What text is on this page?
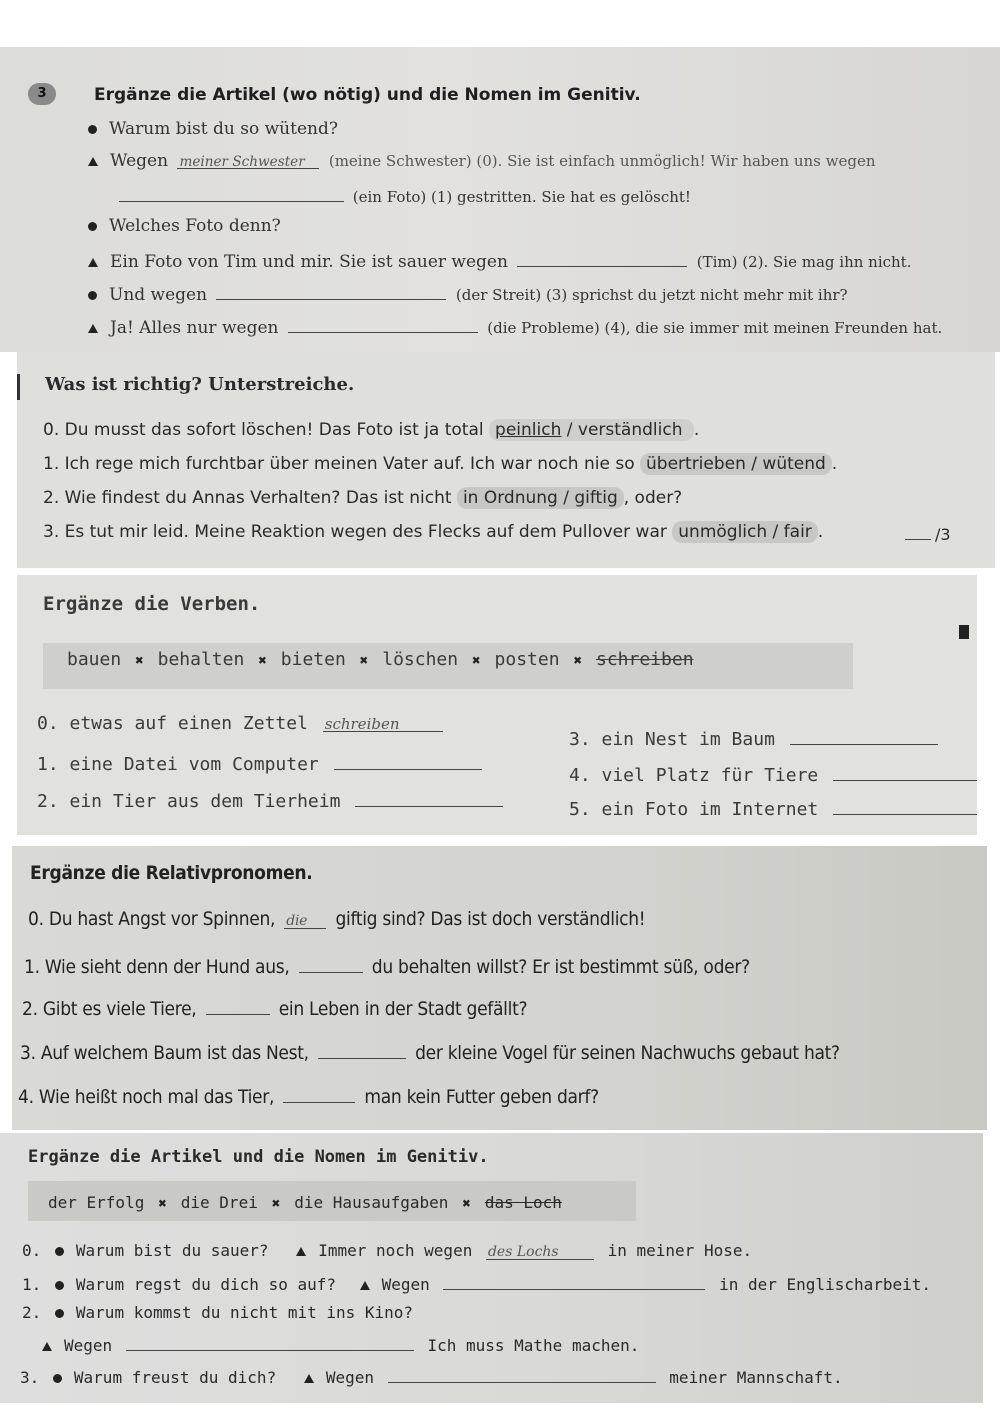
3	Ergänze die Artikel (wo nötig) und die Nomen im Genitiv.
Warum bist du so wütend?
Wegen meiner Schwester (meine Schwester) (0). Sie ist einfach unmöglich! Wir haben uns wegen
(ein Foto) (1) gestritten. Sie hat es gelöscht!
Welches Foto denn?
Ein Foto von Tim und mir. Sie ist sauer wegen	(Tim) (2). Sie mag ihn nicht.
Und wegen	(der Streit) (3) sprichst du jetzt nicht mehr mit ihr?
Ja! Alles nur wegen	(die Probleme) (4), die sie immer mit meinen Freunden hat.
Was ist richtig? Unterstreiche.
0. Du musst das sofort löschen! Das Foto ist ja total peinlich / verständlich .
1. Ich rege mich furchtbar über meinen Vater auf. Ich war noch nie so übertrieben / wütend .
2. Wie findest du Annas Verhalten? Das ist nicht in Ordnung / giftig , oder?
3. Es tut mir leid. Meine Reaktion wegen des Flecks auf dem Pullover war unmöglich / fair .	/3
Ergänze die Verben.
bauen ✖ behalten ✖ bieten ✖ löschen ✖ posten ✖ schreiben
0. etwas auf einen Zettel schreiben
1. eine Datei vom Computer
2. ein Tier aus dem Tierheim
3. ein Nest im Baum
4. viel Platz für Tiere
5. ein Foto im Internet
Ergänze die Relativpronomen.
0. Du hast Angst vor Spinnen, die giftig sind? Das ist doch verständlich!
1. Wie sieht denn der Hund aus,	du behalten willst? Er ist bestimmt süß, oder?
2. Gibt es viele Tiere,	ein Leben in der Stadt gefällt?
3. Auf welchem Baum ist das Nest,	der kleine Vogel für seinen Nachwuchs gebaut hat?
4. Wie heißt noch mal das Tier,	man kein Futter geben darf?
Ergänze die Artikel und die Nomen im Genitiv.
der Erfolg ✖ die Drei ✖ die Hausaufgaben ✖ das Loch
0. Warum bist du sauer?	Immer noch wegen des Lochs	in meiner Hose.
1. Warum regst du dich so auf?	Wegen	in der Englischarbeit.
2. Warum kommst du nicht mit ins Kino?
Wegen	Ich muss Mathe machen.
3. Warum freust du dich?	Wegen	meiner Mannschaft.
